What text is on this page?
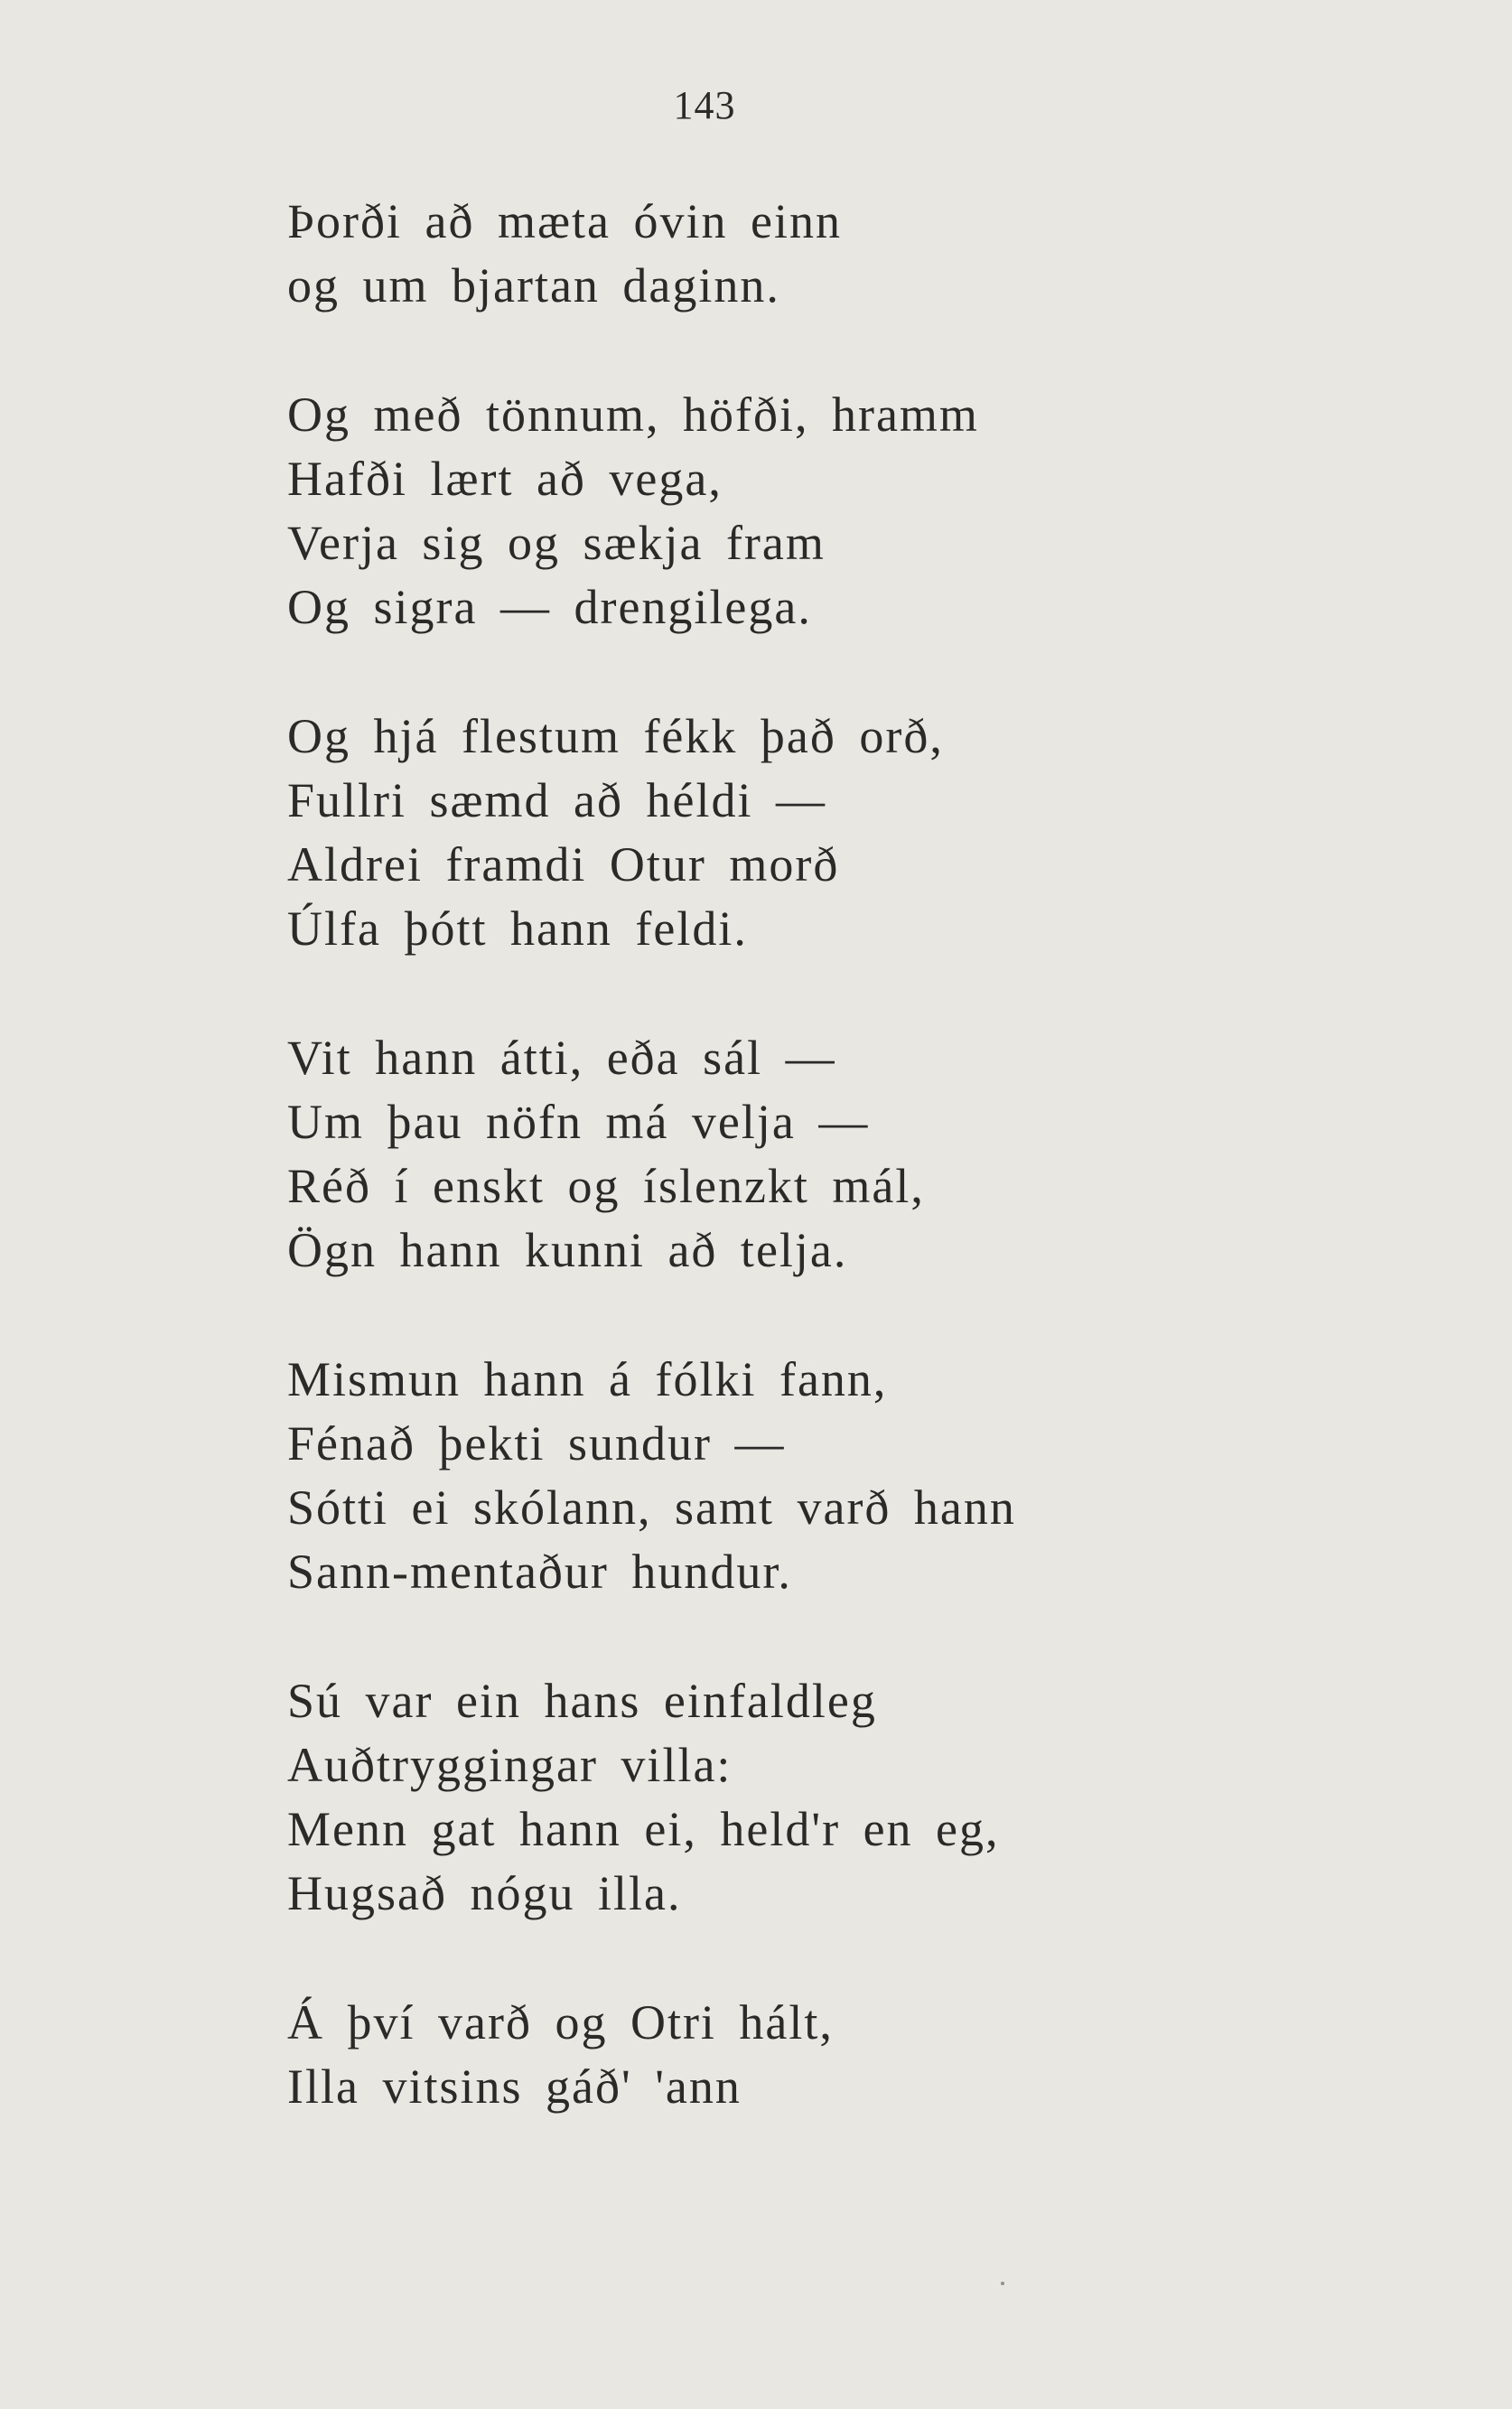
143
Þorði að mæta óvin einn
og um bjartan daginn.
Og með tönnum, höfði, hramm
Hafði lært að vega,
Verja sig og sækja fram
Og sigra — drengilega.
Og hjá flestum fékk það orð,
Fullri sæmd að héldi —
Aldrei framdi Otur morð
Úlfa þótt hann feldi.
Vit hann átti, eða sál —
Um þau nöfn má velja —
Réð í enskt og íslenzkt mál,
Ögn hann kunni að telja.
Mismun hann á fólki fann,
Fénað þekti sundur —
Sótti ei skólann, samt varð hann
Sann-mentaður hundur.
Sú var ein hans einfaldleg
Auðtryggingar villa:
Menn gat hann ei, held'r en eg,
Hugsað nógu illa.
Á því varð og Otri hált,
Illa vitsins gáð' 'ann
